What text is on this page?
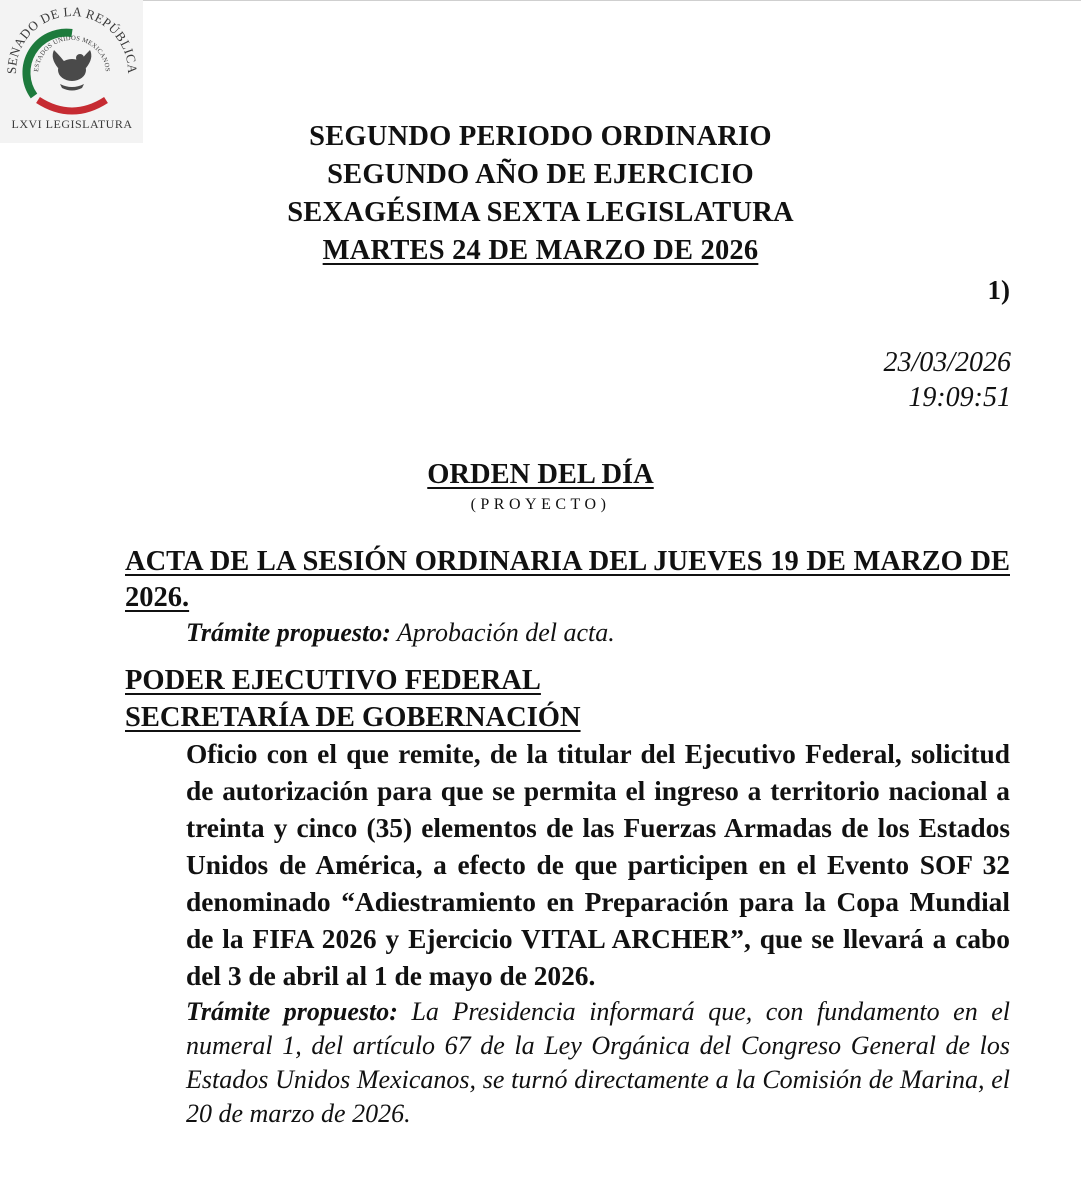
SENADO DE LA REPÚBLICA
ESTADOS UNIDOS MEXICANOS
LXVI LEGISLATURA	SEGUNDO PERIODO ORDINARIO
SEGUNDO AÑO DE EJERCICIO
SEXAGÉSIMA SEXTA LEGISLATURA
MARTES 24 DE MARZO DE 2026
1)
23/03/2026
19:09:51
ORDEN DEL DÍA
(PROYECTO)
ACTA DE LA SESIÓN ORDINARIA DEL JUEVES 19 DE MARZO DE 2026.
Trámite propuesto: Aprobación del acta.
PODER EJECUTIVO FEDERAL
SECRETARÍA DE GOBERNACIÓN
Oficio con el que remite, de la titular del Ejecutivo Federal, solicitud de autorización para que se permita el ingreso a territorio nacional a treinta y cinco (35) elementos de las Fuerzas Armadas de los Estados Unidos de América, a efecto de que participen en el Evento SOF 32 denominado “Adiestramiento en Preparación para la Copa Mundial de la FIFA 2026 y Ejercicio VITAL ARCHER”, que se llevará a cabo del 3 de abril al 1 de mayo de 2026.
Trámite propuesto: La Presidencia informará que, con fundamento en el numeral 1, del artículo 67 de la Ley Orgánica del Congreso General de los Estados Unidos Mexicanos, se turnó directamente a la Comisión de Marina, el 20 de marzo de 2026.
